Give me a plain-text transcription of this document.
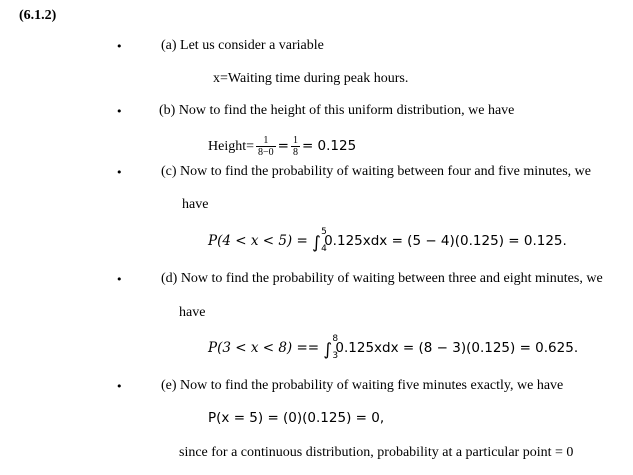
(6.1.2)
•	(a) Let us consider a variable
x=Waiting time during peak hours.
•	(b) Now to find the height of this uniform distribution, we have
Height= $\frac{1}{8-0} = \frac{1}{8} = 0.125$
•	(c) Now to find the probability of waiting between four and five minutes, we
have
P(4 < x < 5) = ∫
5
4
0.125xdx = (5 − 4)(0.125) = 0.125.
•	(d) Now to find the probability of waiting between three and eight minutes, we
have
P(3 < x < 8) == ∫
8
3
0.125xdx = (8 − 3)(0.125) = 0.625.
•	(e) Now to find the probability of waiting five minutes exactly, we have
P(x = 5) = (0)(0.125) = 0,
since for a continuous distribution, probability at a particular point = 0
